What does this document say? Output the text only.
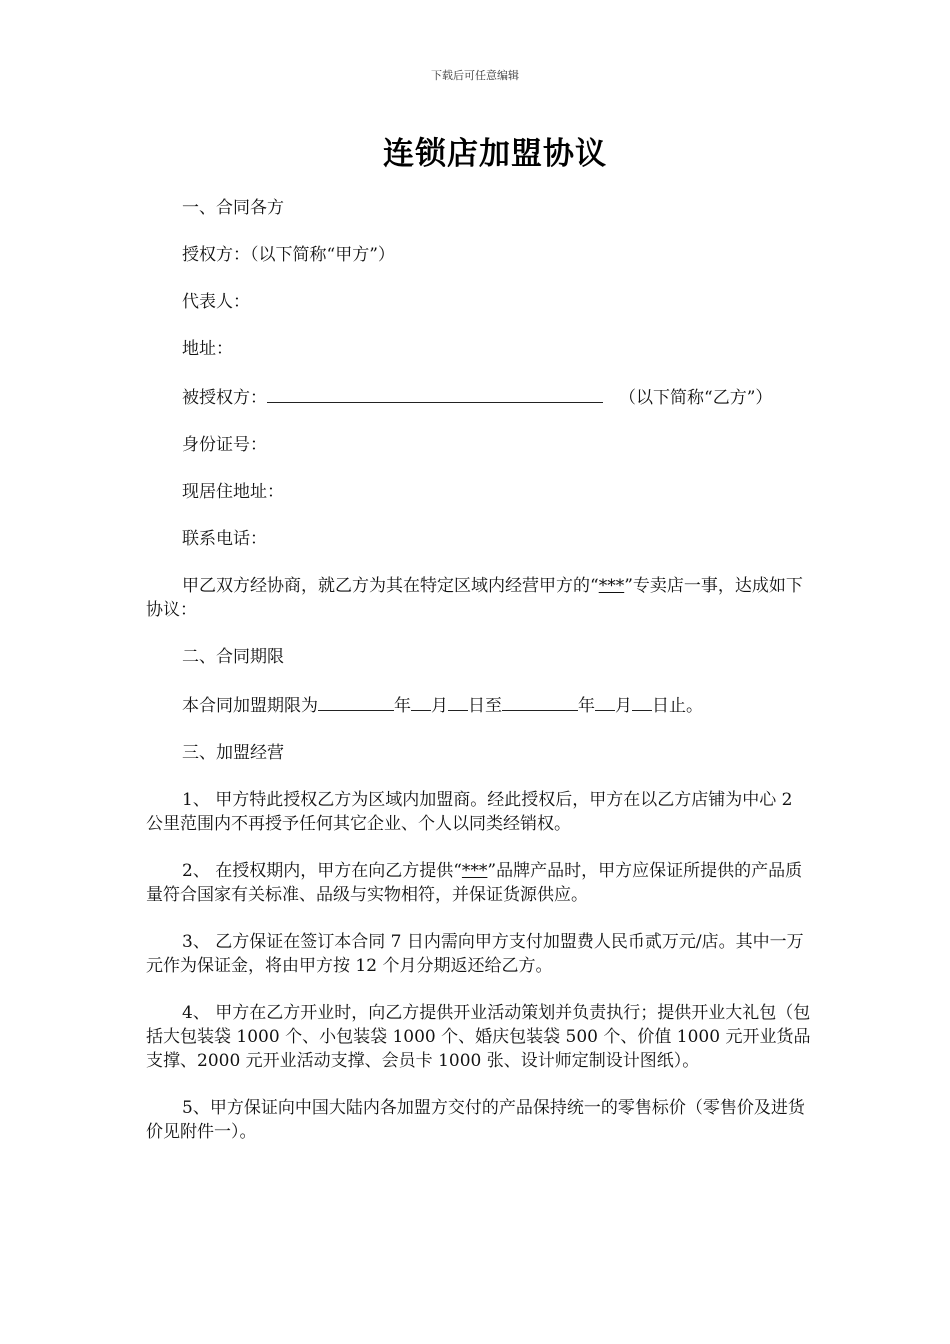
下载后可任意编辑
连锁店加盟协议

一、合同各方

授权方：（以下简称“甲方”）

代表人：

地址：

被授权方：	（以下简称“乙方”）

身份证号：

现居住地址：

联系电话：

甲乙双方经协商，就乙方为其在特定区域内经营甲方的“***”专卖店一事，达成如下协议：

二、合同期限

本合同加盟期限为	年 月 日至	年 月 日止。

三、加盟经营

1、 甲方特此授权乙方为区域内加盟商。经此授权后，甲方在以乙方店铺为中心 2 公里范围内不再授予任何其它企业、个人以同类经销权。

2、 在授权期内，甲方在向乙方提供“***”品牌产品时，甲方应保证所提供的产品质量符合国家有关标准、品级与实物相符，并保证货源供应。

3、 乙方保证在签订本合同 7 日内需向甲方支付加盟费人民币贰万元/店。其中一万元作为保证金，将由甲方按 12 个月分期返还给乙方。

4、 甲方在乙方开业时，向乙方提供开业活动策划并负责执行；提供开业大礼包（包括大包装袋 1000 个、小包装袋 1000 个、婚庆包装袋 500 个、价值 1000 元开业货品支撑、2000 元开业活动支撑、会员卡 1000 张、设计师定制设计图纸）。

5、甲方保证向中国大陆内各加盟方交付的产品保持统一的零售标价（零售价及进货价见附件一）。
